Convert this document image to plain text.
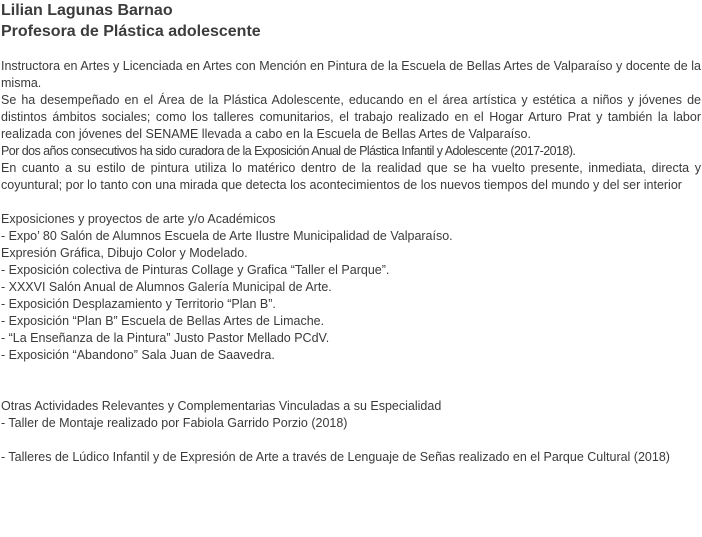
Lilian Lagunas Barnao

Profesora de Plástica adolescente

Instructora en Artes y Licenciada en Artes con Mención en Pintura de la Escuela de Bellas Artes de Valparaíso y docente de la misma.

Se ha desempeñado en el Área de la Plástica Adolescente, educando en el área artística y estética a niños y jóvenes de distintos ámbitos sociales; como los talleres comunitarios, el trabajo realizado en el Hogar Arturo Prat y también la labor realizada con jóvenes del SENAME llevada a cabo en la Escuela de Bellas Artes de Valparaíso.

Por dos años consecutivos ha sido curadora de la Exposición Anual de Plástica Infantil y Adolescente (2017-2018).

En cuanto a su estilo de pintura utiliza lo matérico dentro de la realidad que se ha vuelto presente, inmediata, directa y coyuntural; por lo tanto con una mirada que detecta los acontecimientos de los nuevos tiempos del mundo y del ser interior

Exposiciones y proyectos de arte y/o Académicos
- Expo’ 80 Salón de Alumnos Escuela de Arte Ilustre Municipalidad de Valparaíso.
Expresión Gráfica, Dibujo Color y Modelado.
- Exposición colectiva de Pinturas Collage y Grafica “Taller el Parque”.
- XXXVI Salón Anual de Alumnos Galería Municipal de Arte.
- Exposición Desplazamiento y Territorio “Plan B”.
- Exposición “Plan B” Escuela de Bellas Artes de Limache.
- “La Enseñanza de la Pintura” Justo Pastor Mellado PCdV.
- Exposición “Abandono” Sala Juan de Saavedra.
Otras Actividades Relevantes y Complementarias Vinculadas a su Especialidad
- Taller de Montaje realizado por Fabiola Garrido Porzio (2018)

- Talleres de Lúdico Infantil y de Expresión de Arte a través de Lenguaje de Señas realizado en el Parque Cultural (2018)
